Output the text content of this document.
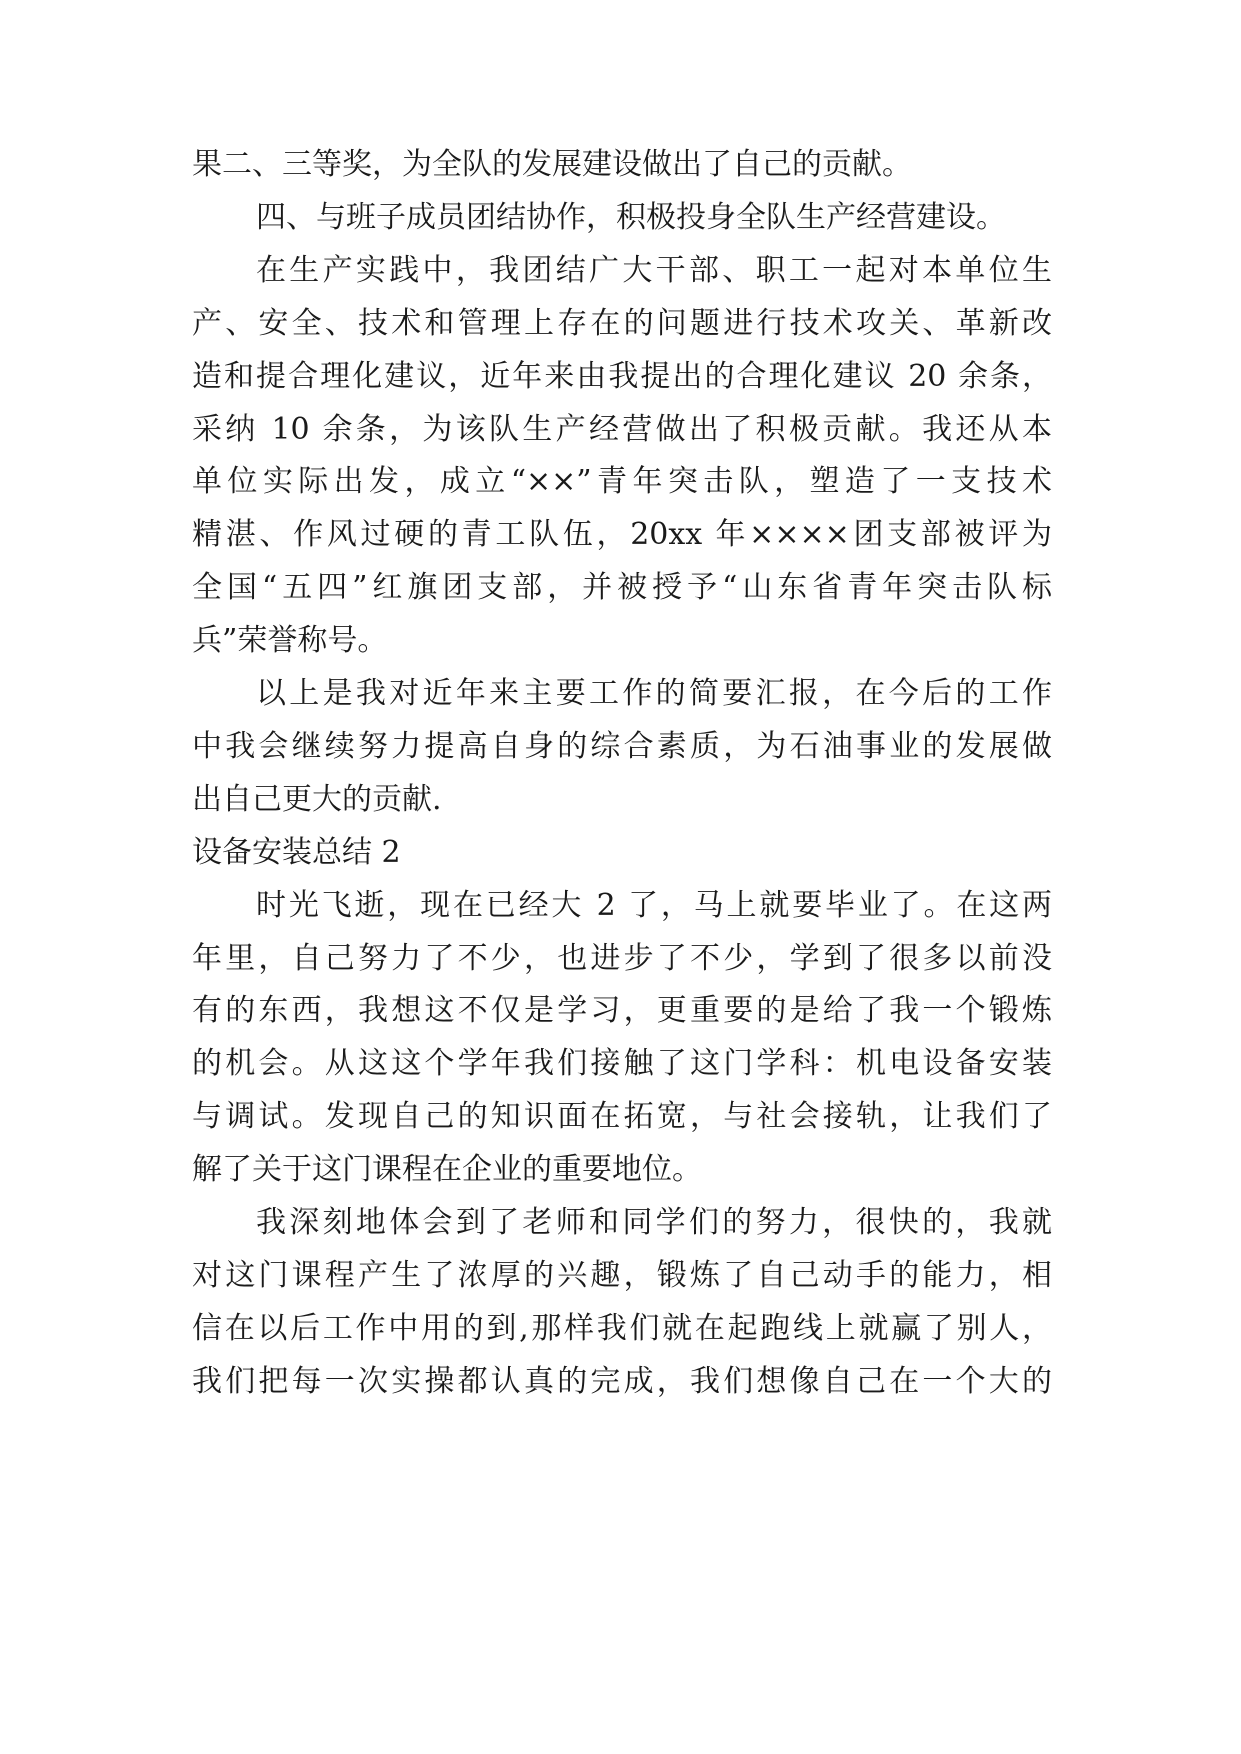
果二、三等奖，为全队的发展建设做出了自己的贡献。
四、与班子成员团结协作，积极投身全队生产经营建设。
在生产实践中，我团结广大干部、职工一起对本单位生
产、安全、技术和管理上存在的问题进行技术攻关、革新改
造和提合理化建议，近年来由我提出的合理化建议 20 余条，
采纳 10 余条，为该队生产经营做出了积极贡献。我还从本
单位实际出发，成立“××”青年突击队，塑造了一支技术
精湛、作风过硬的青工队伍，20xx 年××××团支部被评为
全国“五四”红旗团支部，并被授予“山东省青年突击队标
兵”荣誉称号。
以上是我对近年来主要工作的简要汇报，在今后的工作
中我会继续努力提高自身的综合素质，为石油事业的发展做
出自己更大的贡献.
设备安装总结 2
时光飞逝，现在已经大 2 了，马上就要毕业了。在这两
年里，自己努力了不少，也进步了不少，学到了很多以前没
有的东西，我想这不仅是学习，更重要的是给了我一个锻炼
的机会。从这这个学年我们接触了这门学科：机电设备安装
与调试。发现自己的知识面在拓宽，与社会接轨，让我们了
解了关于这门课程在企业的重要地位。
我深刻地体会到了老师和同学们的努力，很快的，我就
对这门课程产生了浓厚的兴趣，锻炼了自己动手的能力，相
信在以后工作中用的到,那样我们就在起跑线上就赢了别人，
我们把每一次实操都认真的完成，我们想像自己在一个大的
